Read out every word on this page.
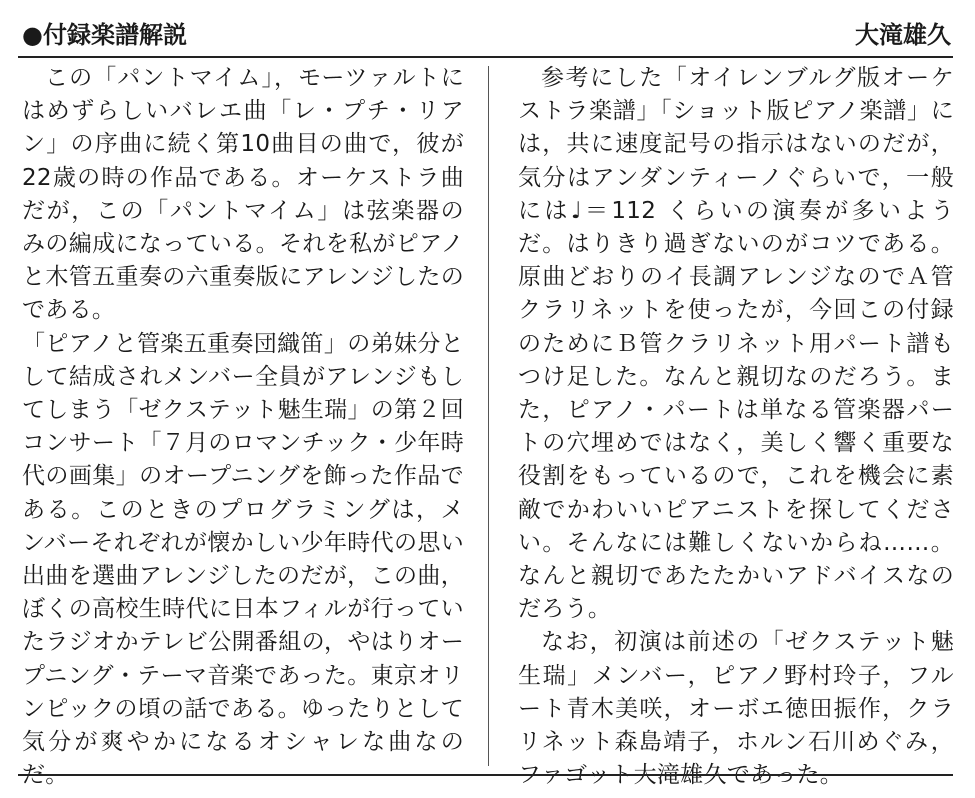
●付録楽譜解説	大滝雄久

この「パントマイム」，モーツァルトにはめずらしいバレエ曲「レ・プチ・リアン」の序曲に続く第10曲目の曲で，彼が22歳の時の作品である。オーケストラ曲だが，この「パントマイム」は弦楽器のみの編成になっている。それを私がピアノと木管五重奏の六重奏版にアレンジしたのである。

「ピアノと管楽五重奏団織笛」の弟妹分として結成されメンバー全員がアレンジもしてしまう「ゼクステット魅生瑞」の第２回コンサート「７月のロマンチック・少年時代の画集」のオープニングを飾った作品である。このときのプログラミングは，メンバーそれぞれが懐かしい少年時代の思い出曲を選曲アレンジしたのだが，この曲，ぼくの高校生時代に日本フィルが行っていたラジオかテレビ公開番組の，やはりオープニング・テーマ音楽であった。東京オリンピックの頃の話である。ゆったりとして気分が爽やかになるオシャレな曲なのだ。

参考にした「オイレンブルグ版オーケストラ楽譜」「ショット版ピアノ楽譜」には，共に速度記号の指示はないのだが，気分はアンダンティーノぐらいで，一般には♩＝112 くらいの演奏が多いようだ。はりきり過ぎないのがコツである。原曲どおりのイ長調アレンジなのでＡ管クラリネットを使ったが，今回この付録のためにＢ管クラリネット用パート譜もつけ足した。なんと親切なのだろう。また，ピアノ・パートは単なる管楽器パートの穴埋めではなく，美しく響く重要な役割をもっているので，これを機会に素敵でかわいいピアニストを探してください。そんなには難しくないからね……。なんと親切であたたかいアドバイスなのだろう。

なお，初演は前述の「ゼクステット魅生瑞」メンバー，ピアノ野村玲子，フルート青木美咲，オーボエ徳田振作，クラリネット森島靖子，ホルン石川めぐみ，ファゴット大滝雄久であった。
